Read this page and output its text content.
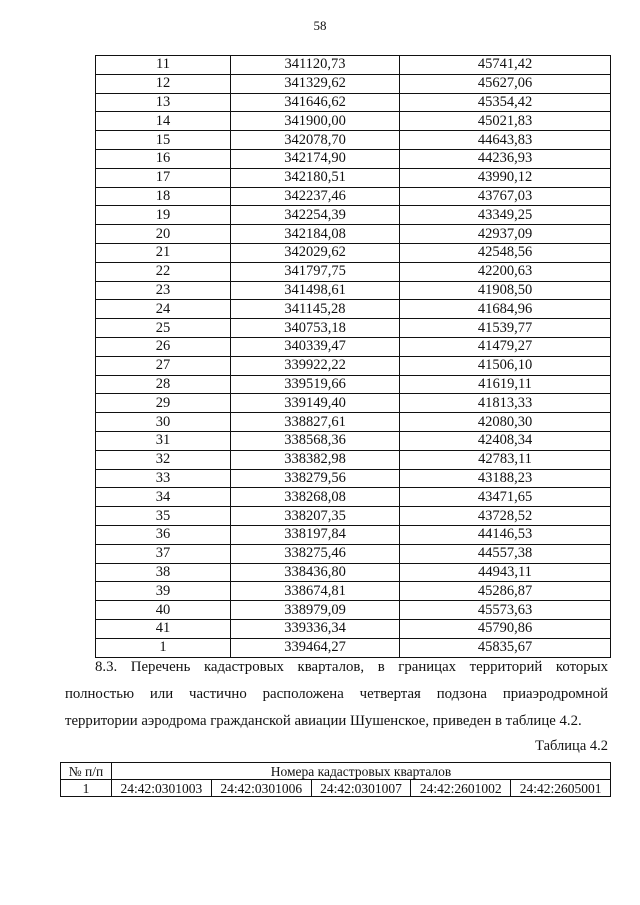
58
11	341120,73	45741,42
12	341329,62	45627,06
13	341646,62	45354,42
14	341900,00	45021,83
15	342078,70	44643,83
16	342174,90	44236,93
17	342180,51	43990,12
18	342237,46	43767,03
19	342254,39	43349,25
20	342184,08	42937,09
21	342029,62	42548,56
22	341797,75	42200,63
23	341498,61	41908,50
24	341145,28	41684,96
25	340753,18	41539,77
26	340339,47	41479,27
27	339922,22	41506,10
28	339519,66	41619,11
29	339149,40	41813,33
30	338827,61	42080,30
31	338568,36	42408,34
32	338382,98	42783,11
33	338279,56	43188,23
34	338268,08	43471,65
35	338207,35	43728,52
36	338197,84	44146,53
37	338275,46	44557,38
38	338436,80	44943,11
39	338674,81	45286,87
40	338979,09	45573,63
41	339336,34	45790,86
1	339464,27	45835,67
8.3. Перечень кадастровых кварталов, в границах территорий которых полностью или частично расположена четвертая подзона приаэродромной территории аэродрома гражданской авиации Шушенское, приведен в таблице 4.2.
Таблица 4.2
№ п/п	Номера кадастровых кварталов				
1	24:42:0301003	24:42:0301006	24:42:0301007	24:42:2601002	24:42:2605001
